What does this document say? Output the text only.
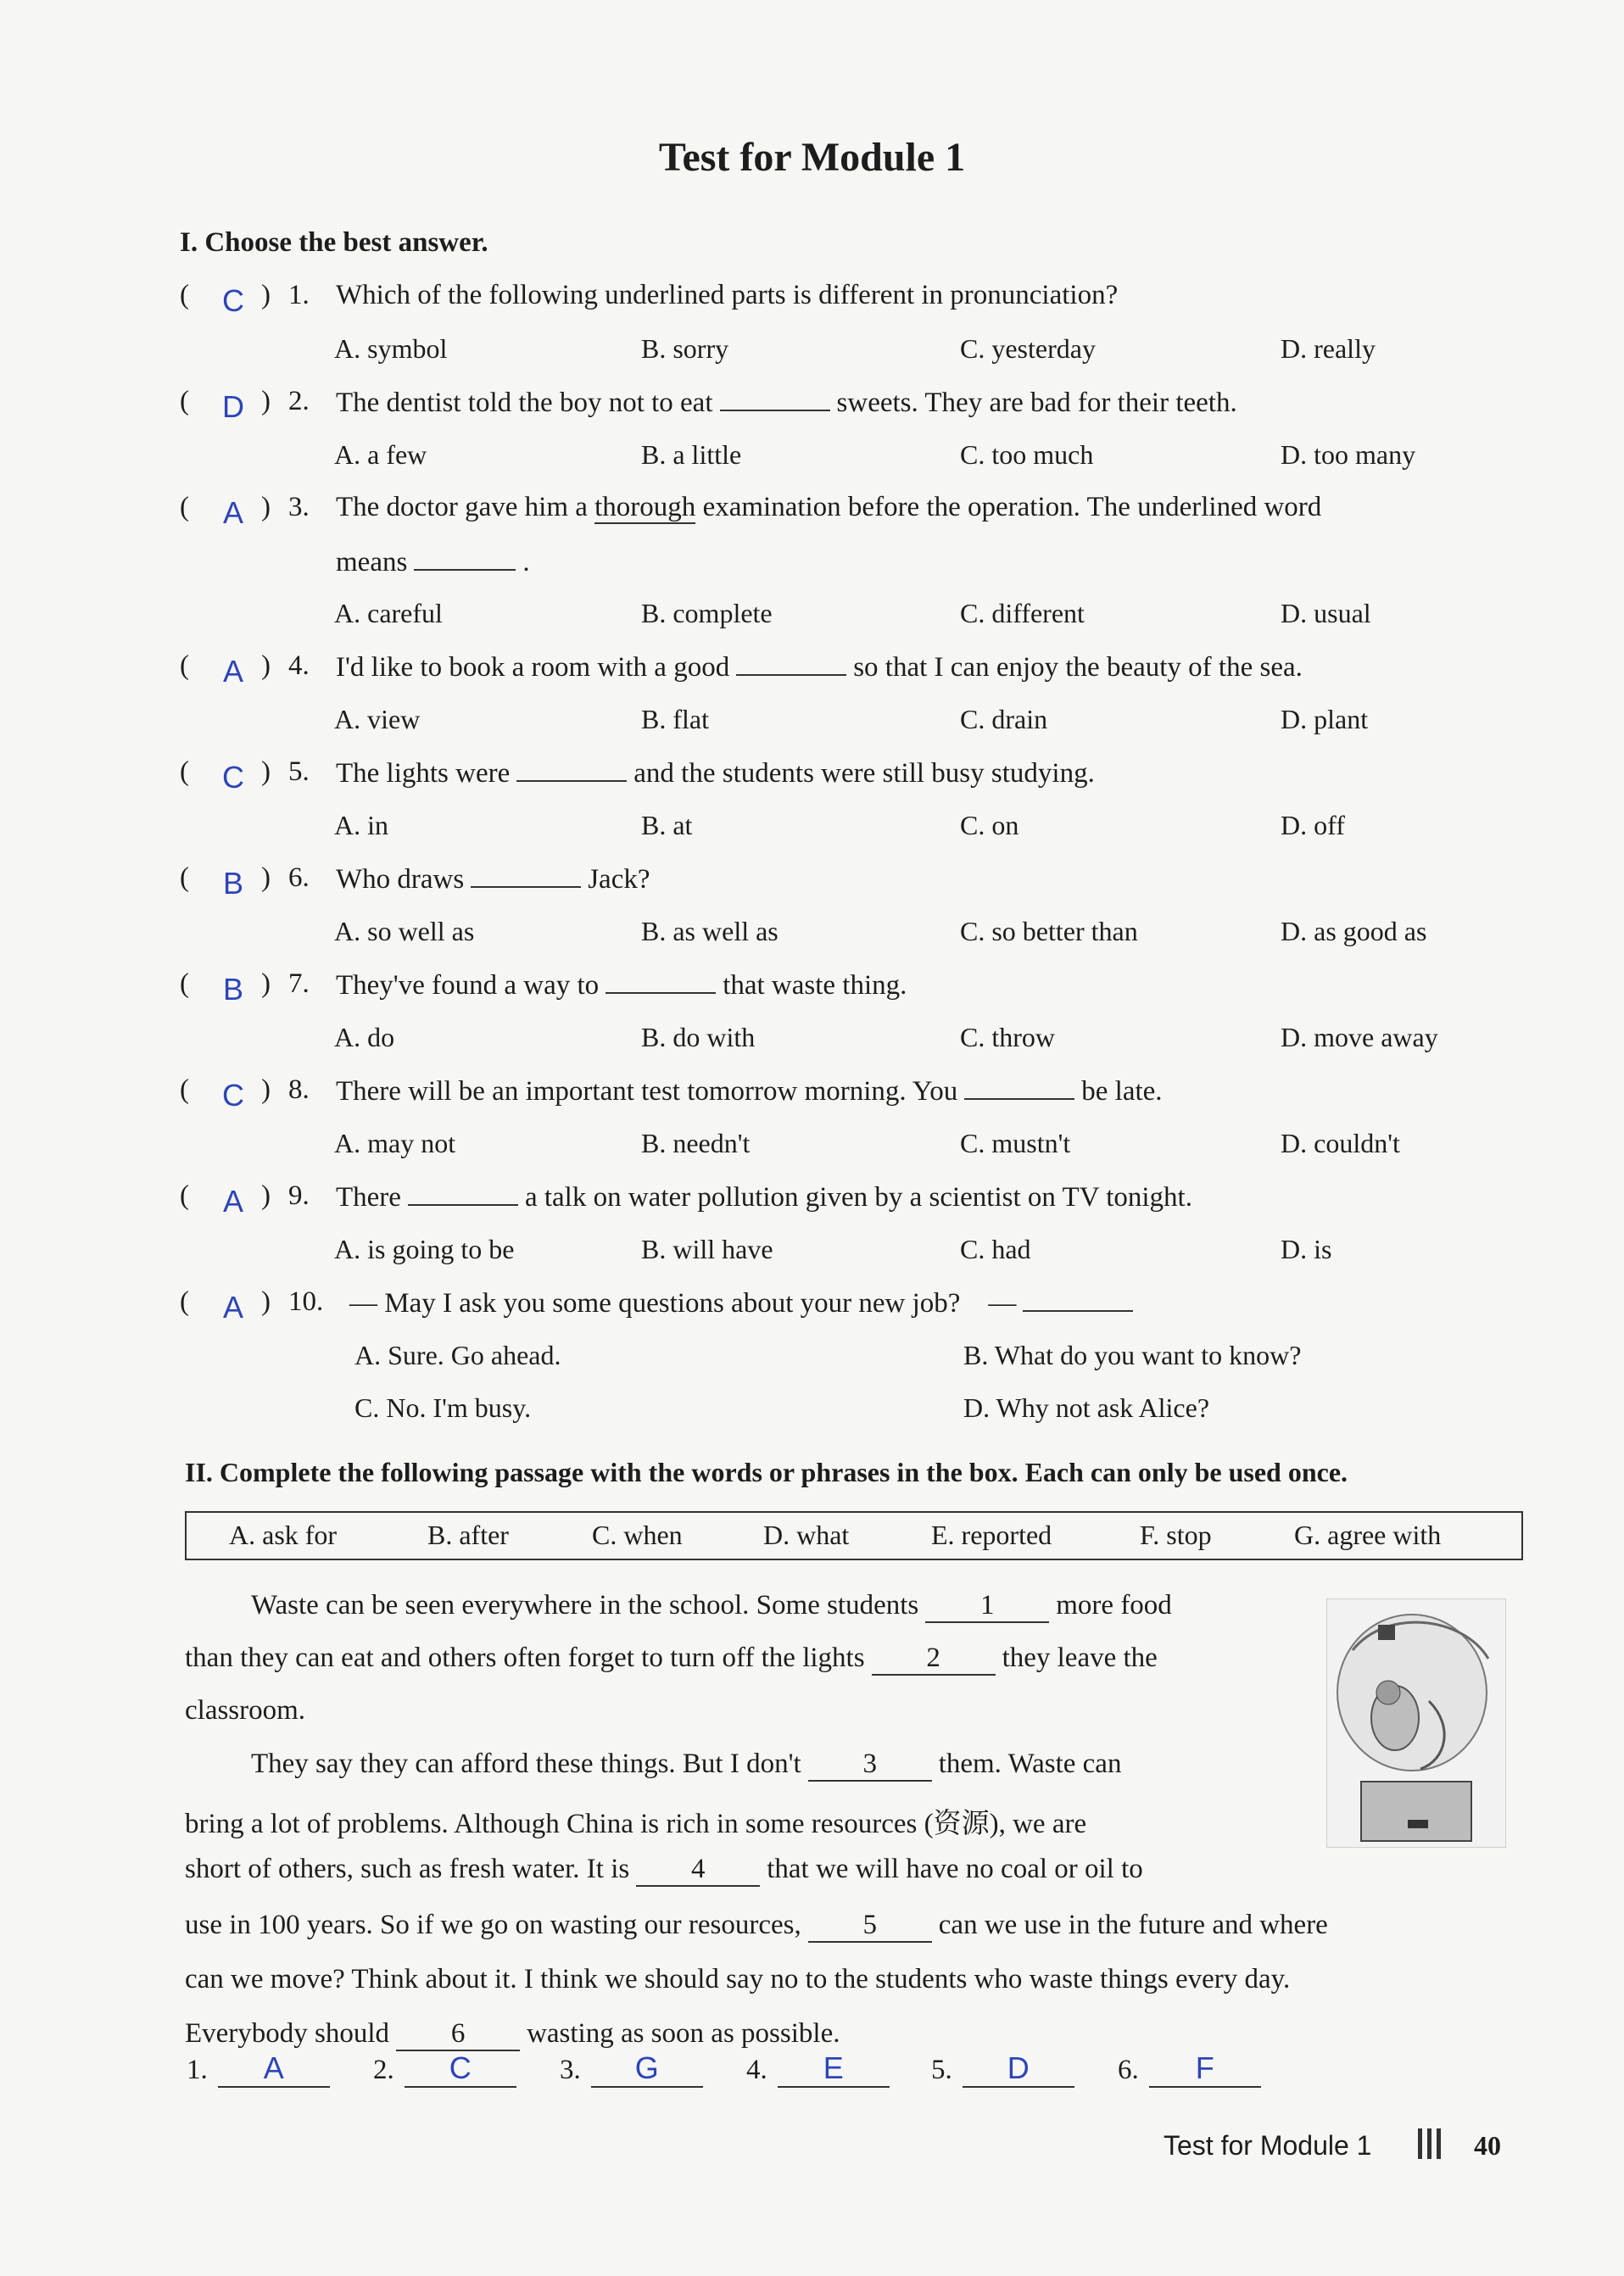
Test for Module 1
I. Choose the best answer.
( C ) 1. Which of the following underlined parts is different in pronunciation?
A. symbol	B. sorry	C. yesterday	D. really
( D ) 2. The dentist told the boy not to eat	sweets. They are bad for their teeth.
A. a few	B. a little	C. too much	D. too many
(	A ) 3. The doctor gave him a thorough examination before the operation. The underlined word
means	.
A. careful	B. complete	C. different	D. usual
(	A ) 4. I'd like to book a room with a good	so that I can enjoy the beauty of the sea.
A. view	B. flat	C. drain	D. plant
( C ) 5. The lights were	and the students were still busy studying.
A. in	B. at	C. on	D. off
(	B ) 6. Who draws	Jack?
A. so well as	B. as well as	C. so better than	D. as good as
(	B ) 7. They've found a way to	that waste thing.
A. do	B. do with	C. throw	D. move away
( C ) 8. There will be an important test tomorrow morning. You	be late.
A. may not	B. needn't	C. mustn't	D. couldn't
(	A ) 9. There	a talk on water pollution given by a scientist on TV tonight.
A. is going to be	B. will have	C. had	D. is
(	A ) 10. — May I ask you some questions about your new job? —
A. Sure. Go ahead.	B. What do you want to know?
C. No. I'm busy.	D. Why not ask Alice?
II. Complete the following passage with the words or phrases in the box. Each can only be used once.
A. ask for	B. after	C. when	D. what	E. reported	F. stop	G. agree with
Waste can be seen everywhere in the school. Some students 1 more food
than they can eat and others often forget to turn off the lights 2 they leave the
classroom.
They say they can afford these things. But I don't 3 them. Waste can
bring a lot of problems. Although China is rich in some resources (资源), we are
short of others, such as fresh water. It is 4 that we will have no coal or oil to
use in 100 years. So if we go on wasting our resources, 5 can we use in the future and where
can we move? Think about it. I think we should say no to the students who waste things every day.
Everybody should 6 wasting as soon as possible.
1. A	2. C	3. G	4. E	5. D	6. F
Test for Module 1	40
